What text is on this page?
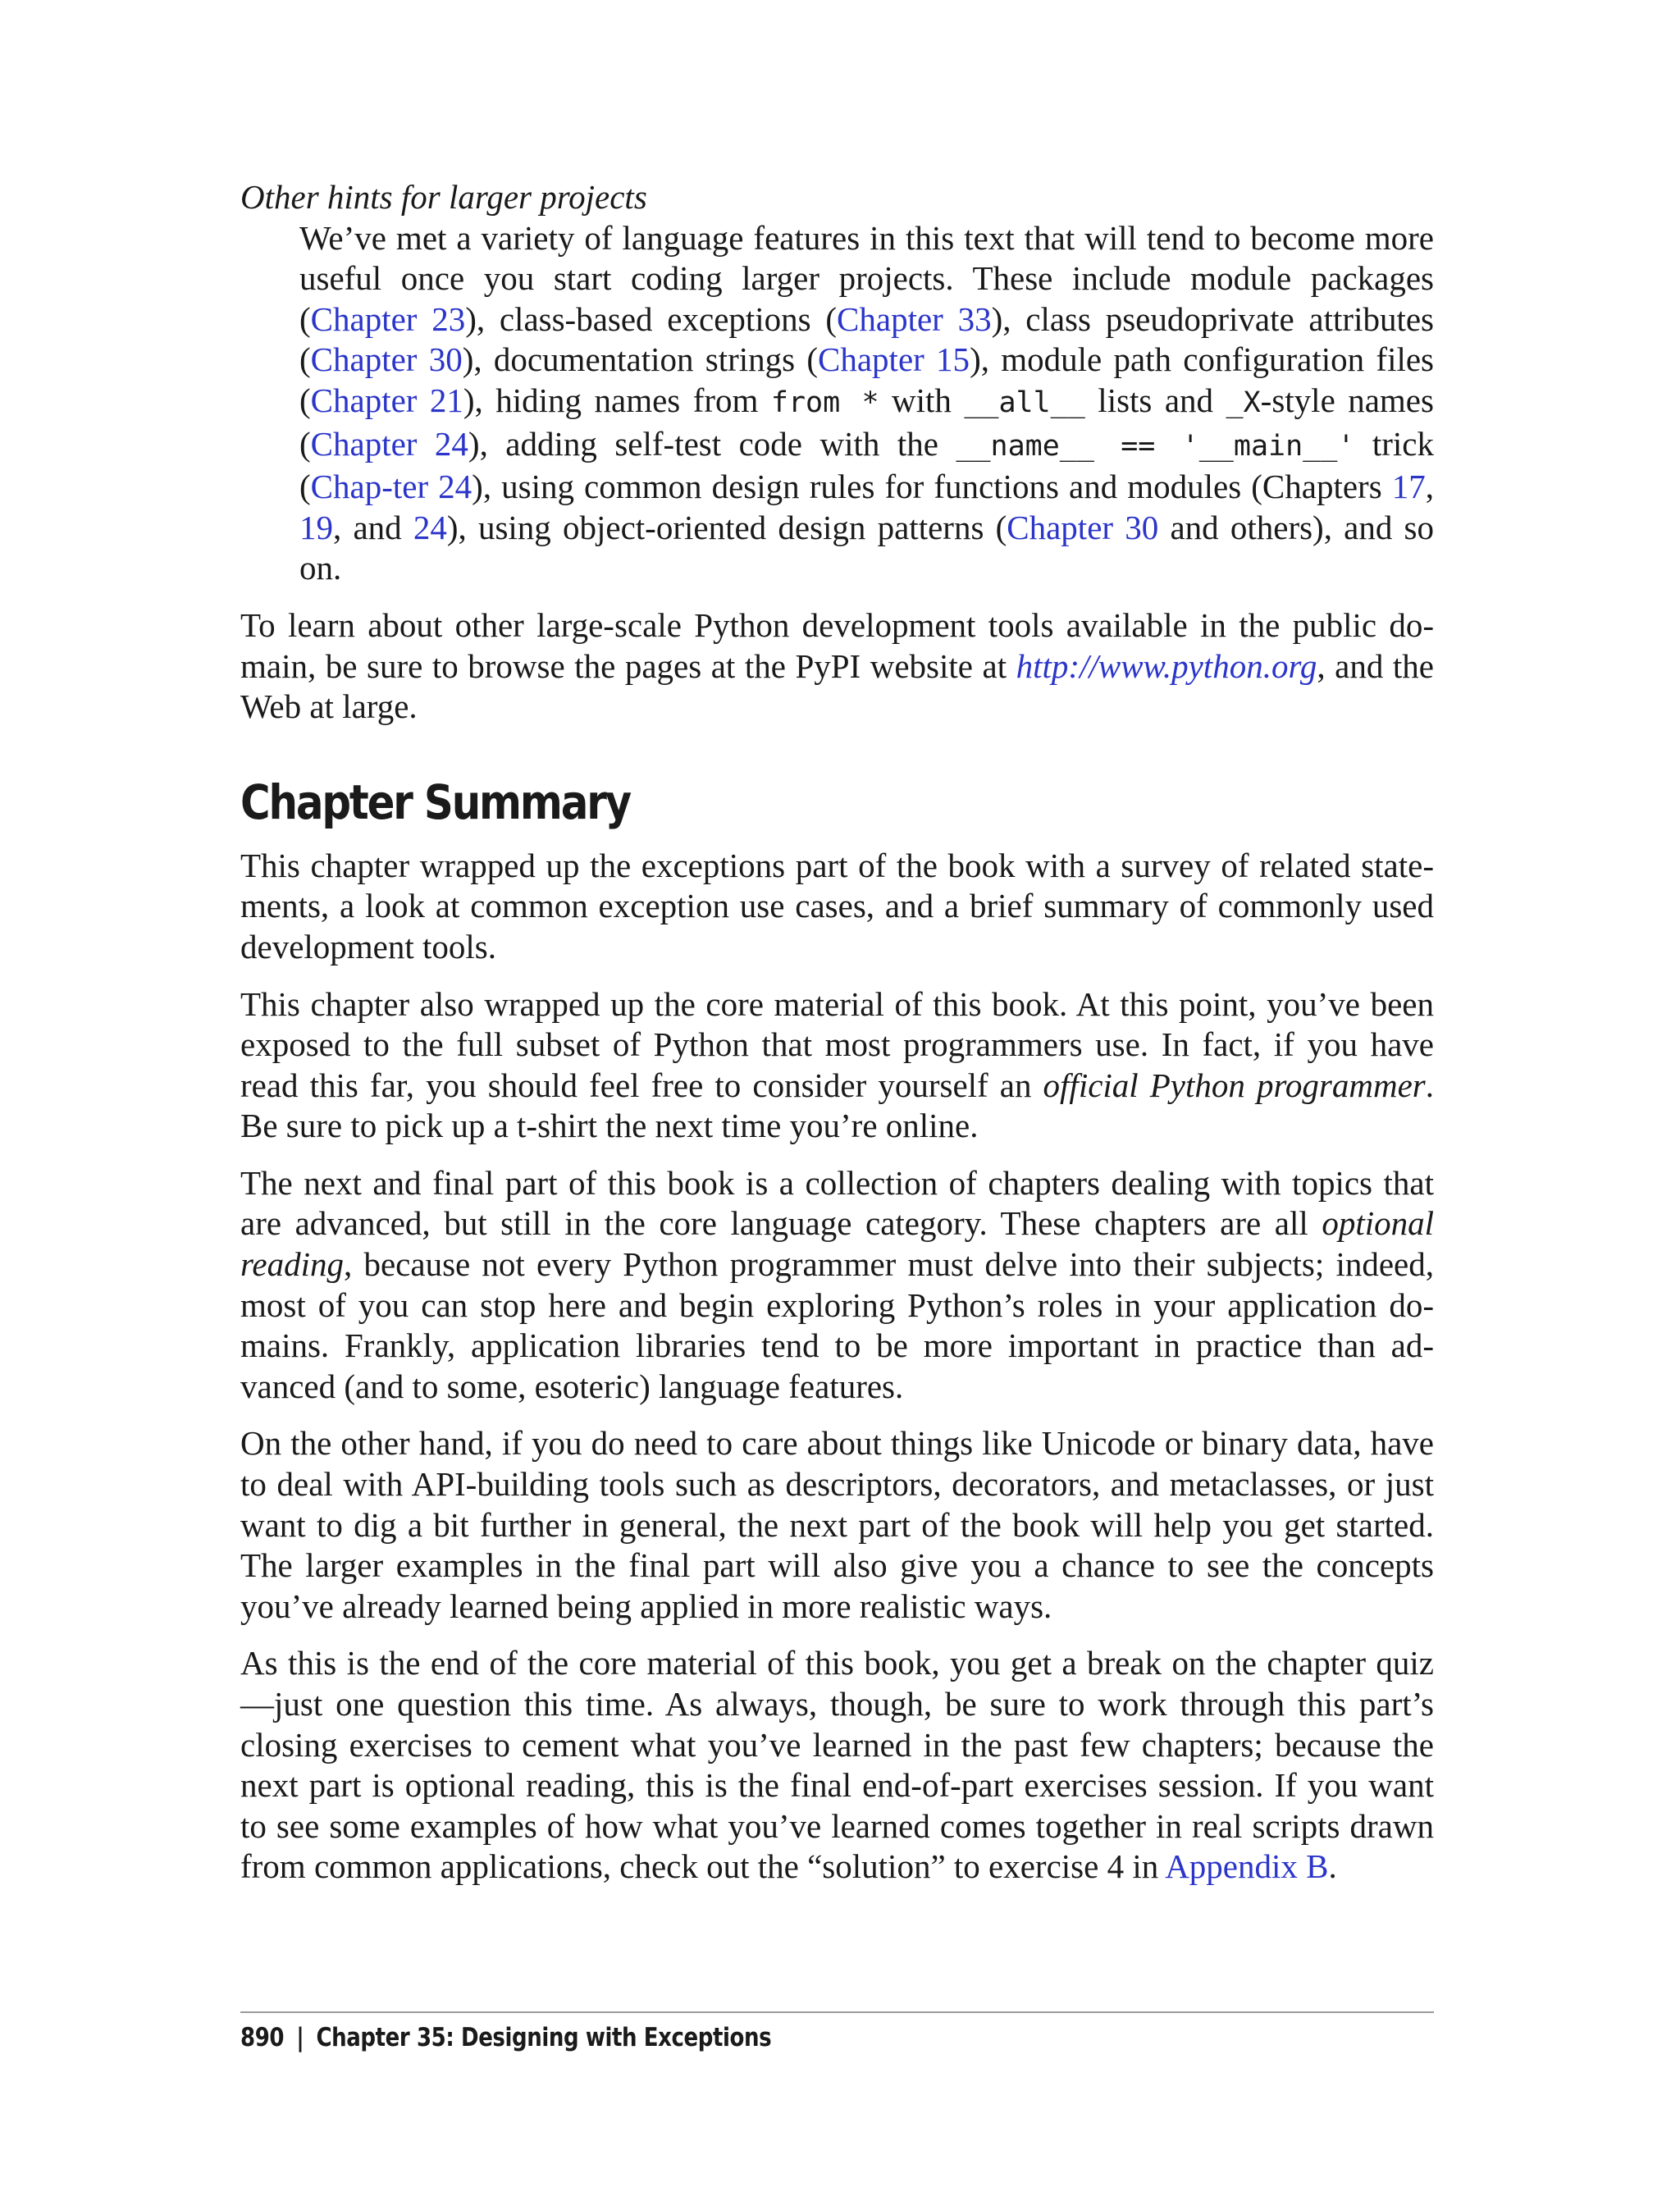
Other hints for larger projects

We’ve met a variety of language features in this text that will tend to become more useful once you start coding larger projects. These include module packages (Chapter 23), class-based exceptions (Chapter 33), class pseudoprivate attributes (Chapter 30), documentation strings (Chapter 15), module path configuration files (Chapter 21), hiding names from from * with __all__ lists and _X-style names (Chapter 24), adding self-test code with the __name__ == '__main__' trick (Chap-ter 24), using common design rules for functions and modules (Chapters 17, 19, and 24), using object-oriented design patterns (Chapter 30 and others), and so on.

To learn about other large-scale Python development tools available in the public do-main, be sure to browse the pages at the PyPI website at http://www.python.org, and the Web at large.

Chapter Summary

This chapter wrapped up the exceptions part of the book with a survey of related state-ments, a look at common exception use cases, and a brief summary of commonly used development tools.

This chapter also wrapped up the core material of this book. At this point, you’ve been exposed to the full subset of Python that most programmers use. In fact, if you have read this far, you should feel free to consider yourself an official Python programmer. Be sure to pick up a t-shirt the next time you’re online.

The next and final part of this book is a collection of chapters dealing with topics that are advanced, but still in the core language category. These chapters are all optional reading, because not every Python programmer must delve into their subjects; indeed, most of you can stop here and begin exploring Python’s roles in your application do-mains. Frankly, application libraries tend to be more important in practice than ad-vanced (and to some, esoteric) language features.

On the other hand, if you do need to care about things like Unicode or binary data, have to deal with API-building tools such as descriptors, decorators, and metaclasses, or just want to dig a bit further in general, the next part of the book will help you get started. The larger examples in the final part will also give you a chance to see the concepts you’ve already learned being applied in more realistic ways.

As this is the end of the core material of this book, you get a break on the chapter quiz—just one question this time. As always, though, be sure to work through this part’s closing exercises to cement what you’ve learned in the past few chapters; because the next part is optional reading, this is the final end-of-part exercises session. If you want to see some examples of how what you’ve learned comes together in real scripts drawn from common applications, check out the “solution” to exercise 4 in Appendix B.

890 | Chapter 35: Designing with Exceptions
